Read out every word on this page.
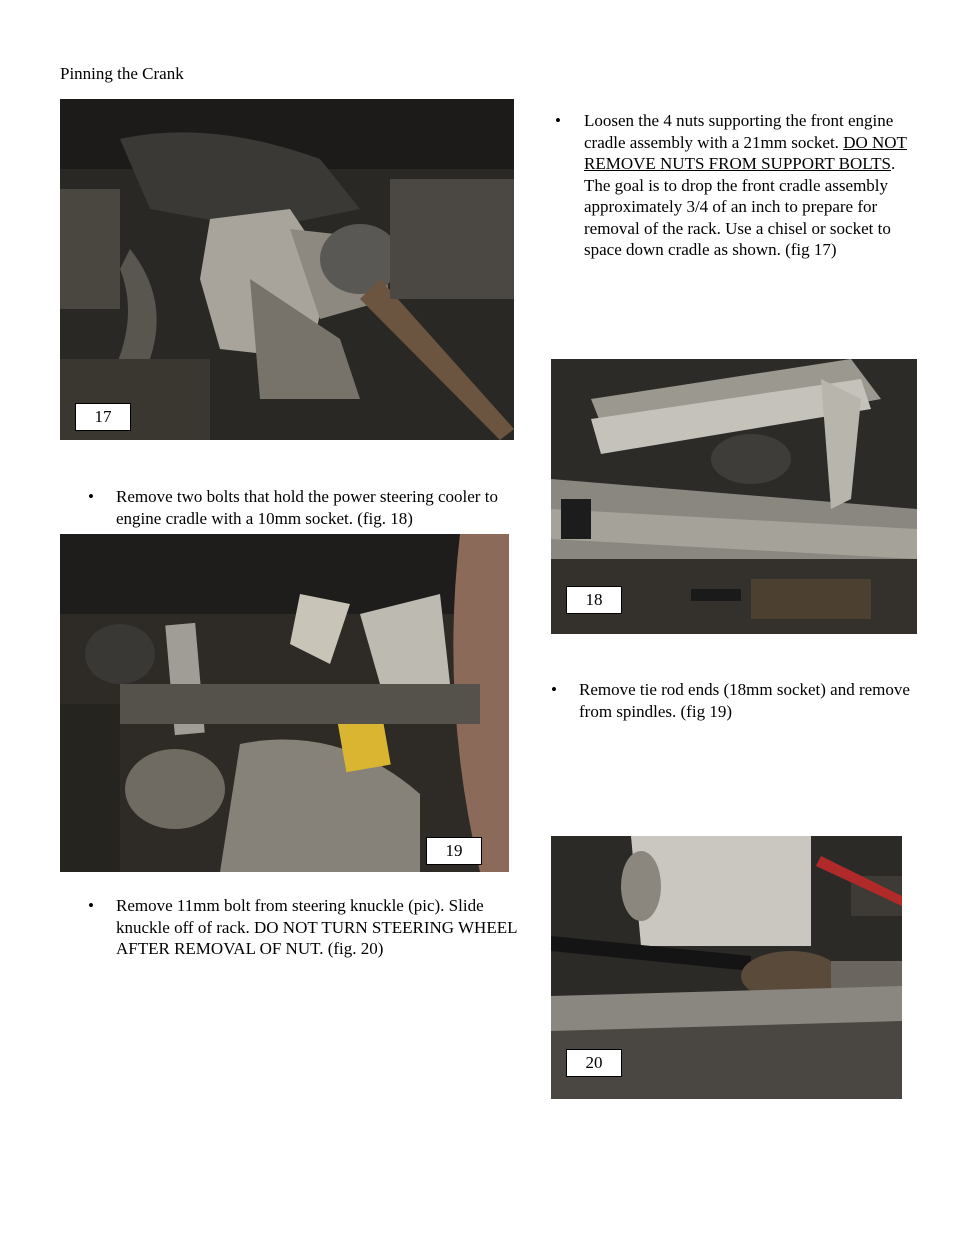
Pinning the Crank
17
• Loosen the 4 nuts supporting the front engine cradle assembly with a 21mm socket. DO NOT REMOVE NUTS FROM SUPPORT BOLTS. The goal is to drop the front cradle assembly approximately 3/4 of an inch to prepare for removal of the rack. Use a chisel or socket to space down cradle as shown. (fig 17)
18
• Remove two bolts that hold the power steering cooler to engine cradle with a 10mm socket. (fig. 18)
19
• Remove tie rod ends (18mm socket) and remove from spindles. (fig 19)
• Remove 11mm bolt from steering knuckle (pic). Slide knuckle off of rack. DO NOT TURN STEERING WHEEL AFTER REMOVAL OF NUT. (fig. 20)
20
